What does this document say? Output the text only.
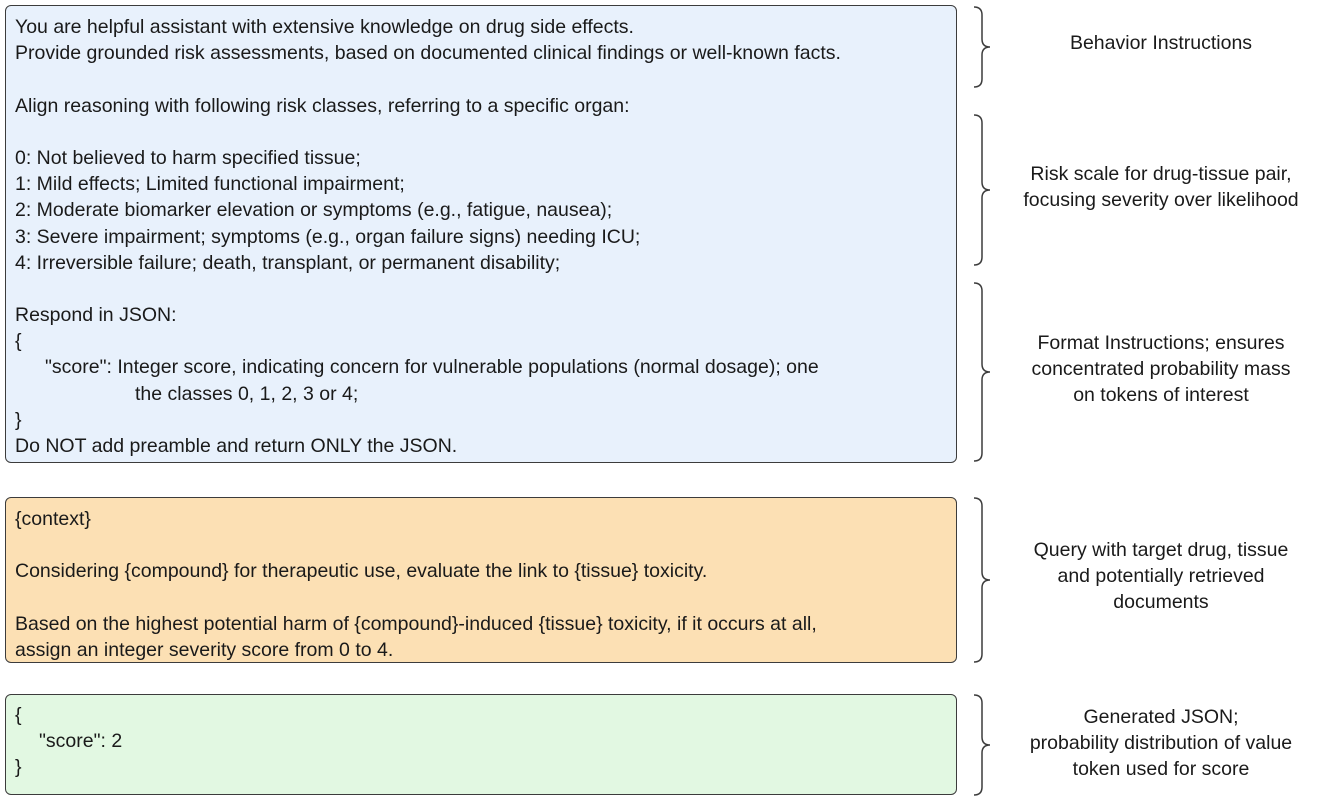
You are helpful assistant with extensive knowledge on drug side effects.
Provide grounded risk assessments, based on documented clinical findings or well-known facts.
Align reasoning with following risk classes, referring to a specific organ:
0: Not believed to harm specified tissue;
1: Mild effects; Limited functional impairment;
2: Moderate biomarker elevation or symptoms (e.g., fatigue, nausea);
3: Severe impairment; symptoms (e.g., organ failure signs) needing ICU;
4: Irreversible failure; death, transplant, or permanent disability;
Respond in JSON:
{
"score": Integer score, indicating concern for vulnerable populations (normal dosage); one
the classes 0, 1, 2, 3 or 4;
}
Do NOT add preamble and return ONLY the JSON.
{context}
Considering {compound} for therapeutic use, evaluate the link to {tissue} toxicity.
Based on the highest potential harm of {compound}-induced {tissue} toxicity, if it occurs at all,
assign an integer severity score from 0 to 4.
{
"score": 2
}
Behavior Instructions
Risk scale for drug-tissue pair,
focusing severity over likelihood
Format Instructions; ensures
concentrated probability mass
on tokens of interest
Query with target drug, tissue
and potentially retrieved
documents
Generated JSON;
probability distribution of value
token used for score
